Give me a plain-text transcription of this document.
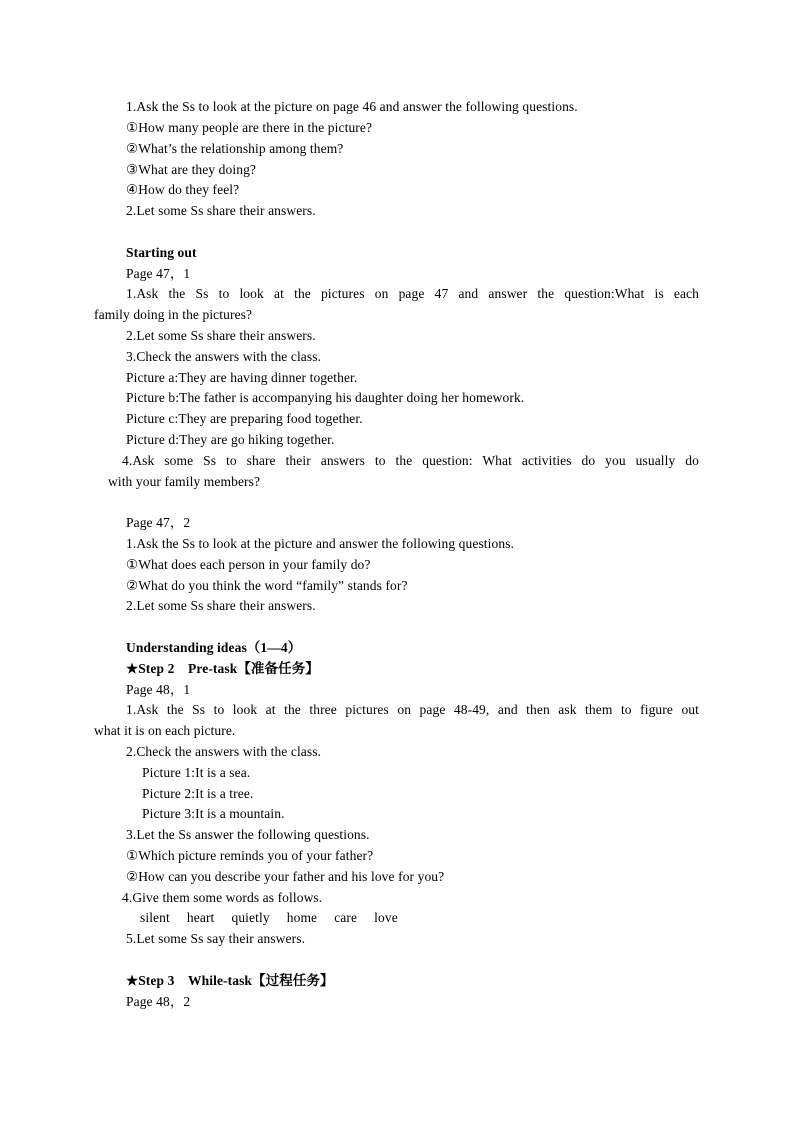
1.Ask the Ss to look at the picture on page 46 and answer the following questions.

①How many people are there in the picture?

②What’s the relationship among them?

③What are they doing?

④How do they feel?

2.Let some Ss share their answers.

Starting out

Page 47，1

1.Ask the Ss to look at the pictures on page 47 and answer the question:What is each

family doing in the pictures?

2.Let some Ss share their answers.

3.Check the answers with the class.

Picture a:They are having dinner together.

Picture b:The father is accompanying his daughter doing her homework.

Picture c:They are preparing food together.

Picture d:They are go hiking together.

4.Ask some Ss to share their answers to the question: What activities do you usually do

with your family members?

Page 47，2

1.Ask the Ss to look at the picture and answer the following questions.

①What does each person in your family do?

②What do you think the word “family” stands for?

2.Let some Ss share their answers.

Understanding ideas（1—4）

★Step 2　Pre-task【准备任务】

Page 48，1

1.Ask the Ss to look at the three pictures on page 48-49, and then ask them to figure out

what it is on each picture.

2.Check the answers with the class.

Picture 1:It is a sea.

Picture 2:It is a tree.

Picture 3:It is a mountain.

3.Let the Ss answer the following questions.

①Which picture reminds you of your father?

②How can you describe your father and his love for you?

4.Give them some words as follows.

silent　 heart　 quietly　 home　 care　 love

5.Let some Ss say their answers.

★Step 3　While-task【过程任务】

Page 48，2
